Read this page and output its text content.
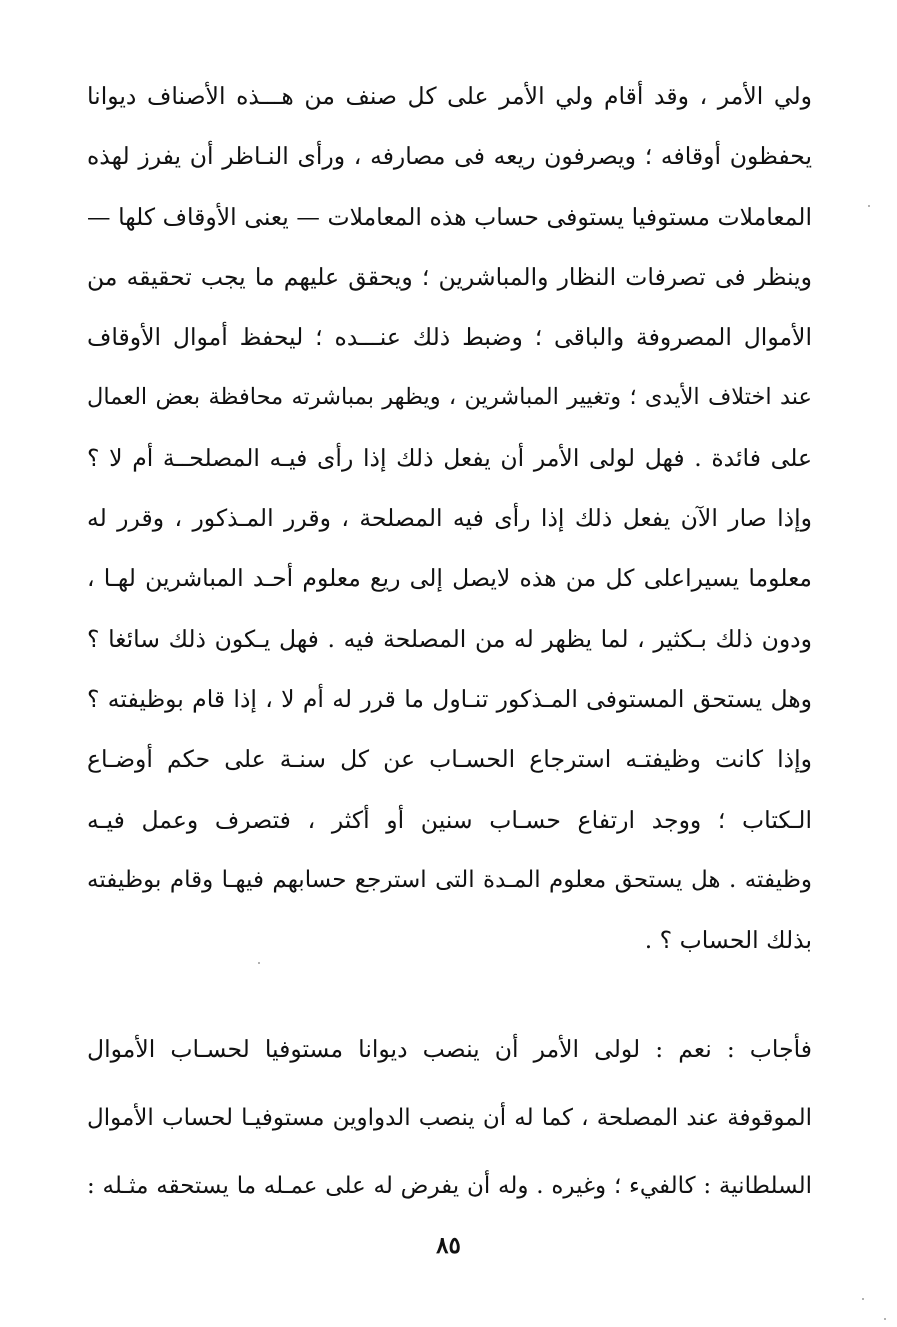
ولي الأمر ، وقد أقام ولي الأمر على كل صنف من هـــذه الأصناف ديوانا
يحفظون أوقافه ؛ ويصرفون ريعه فى مصارفه ، ورأى النـاظر أن يفرز لهذه
المعاملات مستوفيا يستوفى حساب هذه المعاملات — يعنى الأوقاف كلها —
وينظر فى تصرفات النظار والمباشرين ؛ ويحقق عليهم ما يجب تحقيقه من
الأموال المصروفة والباقى ؛ وضبط ذلك عنـــده ؛ ليحفظ أموال الأوقاف
عند اختلاف الأيدى ؛ وتغيير المباشرين ، ويظهر بمباشرته محافظة بعض العمال
على فائدة . فهل لولى الأمر أن يفعل ذلك إذا رأى فيـه المصلحــة أم لا ؟
وإذا صار الآن يفعل ذلك إذا رأى فيه المصلحة ، وقرر المـذكور ، وقرر له
معلوما يسيراعلى كل من هذه لايصل إلى ريع معلوم أحـد المباشرين لهـا ،
ودون ذلك بـكثير ، لما يظهر له من المصلحة فيه . فهل يـكون ذلك سائغا ؟
وهل يستحق المستوفى المـذكور تنـاول ما قرر له أم لا ، إذا قام بوظيفته ؟
وإذا كانت وظيفتـه استرجاع الحسـاب عن كل سنـة على حكم أوضـاع
الـكتاب ؛ ووجد ارتفاع حسـاب سنين أو أكثر ، فتصرف وعمل فيـه
وظيفته . هل يستحق معلوم المـدة التى استرجع حسابهم فيهـا وقام بوظيفته
بذلك الحساب ؟ .
فأجاب : نعم : لولى الأمر أن ينصب ديوانا مستوفيا لحسـاب الأموال
الموقوفة عند المصلحة ، كما له أن ينصب الدواوين مستوفيـا لحساب الأموال
السلطانية : كالفيء ؛ وغيره . وله أن يفرض له على عمـله ما يستحقه مثـله :
٨٥
